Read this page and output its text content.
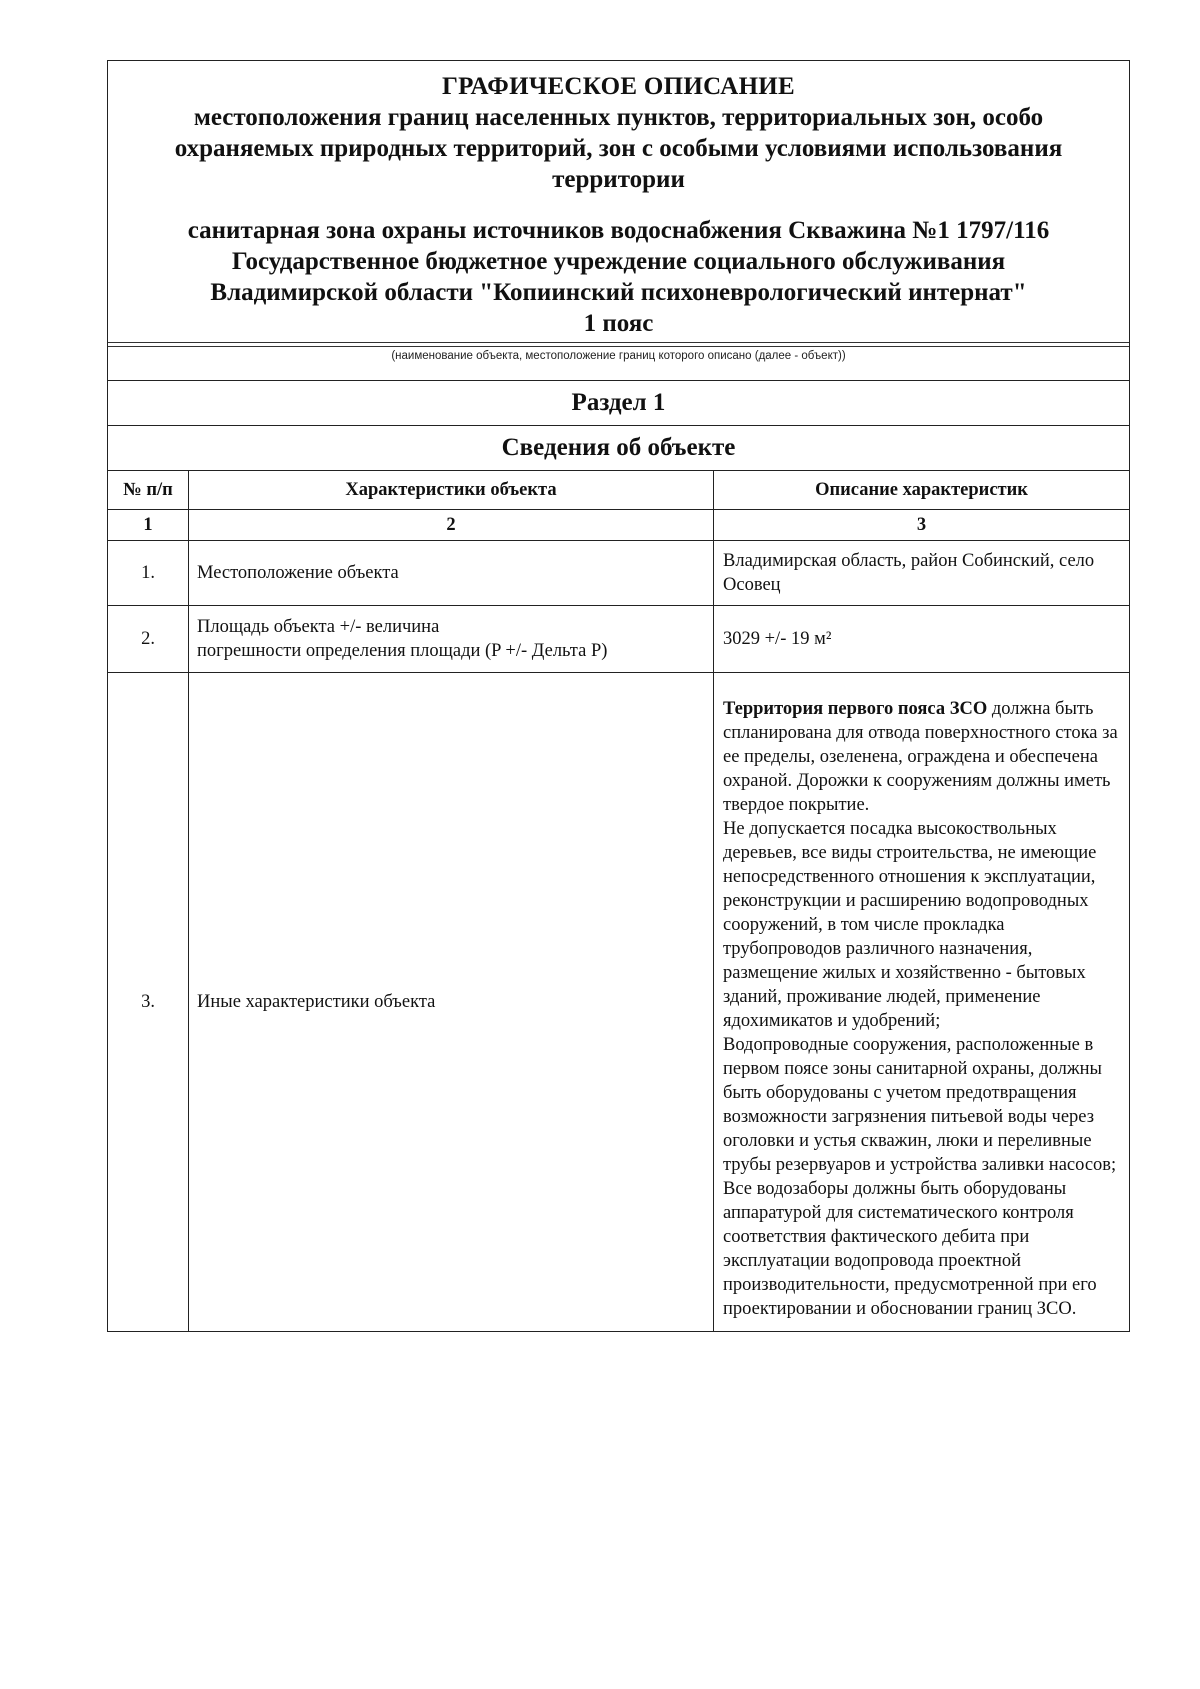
ГРАФИЧЕСКОЕ ОПИСАНИЕ
местоположения границ населенных пунктов, территориальных зон, особо
охраняемых природных территорий, зон с особыми условиями использования
территории
санитарная зона охраны источников водоснабжения Скважина №1 1797/116
Государственное бюджетное учреждение социального обслуживания
Владимирской области "Копиинский психоневрологический интернат"
1 пояс
(наименование объекта, местоположение границ которого описано (далее - объект))
Раздел 1
Сведения об объекте
№ п/п	Характеристики объекта	Описание характеристик
1	2	3
1.	Местоположение объекта	Владимирская область, район Собинский, село Осовец
2.	Площадь объекта +/- величина
погрешности определения площади (P +/- Дельта P)	3029 +/- 19 м²
3.	Иные характеристики объекта	Территория первого пояса ЗСО должна быть спланирована для отвода поверхностного стока за ее пределы, озеленена, ограждена и обеспечена охраной. Дорожки к сооружениям должны иметь твердое покрытие.
Не допускается посадка высокоствольных деревьев, все виды строительства, не имеющие непосредственного отношения к эксплуатации, реконструкции и расширению водопроводных сооружений, в том числе прокладка трубопроводов различного назначения, размещение жилых и хозяйственно - бытовых зданий, проживание людей, применение ядохимикатов и удобрений;
Водопроводные сооружения, расположенные в первом поясе зоны санитарной охраны, должны быть оборудованы с учетом предотвращения возможности загрязнения питьевой воды через оголовки и устья скважин, люки и переливные трубы резервуаров и устройства заливки насосов;
Все водозаборы должны быть оборудованы аппаратурой для систематического контроля соответствия фактического дебита при эксплуатации водопровода проектной производительности, предусмотренной при его
проектировании и обосновании границ ЗСО.
